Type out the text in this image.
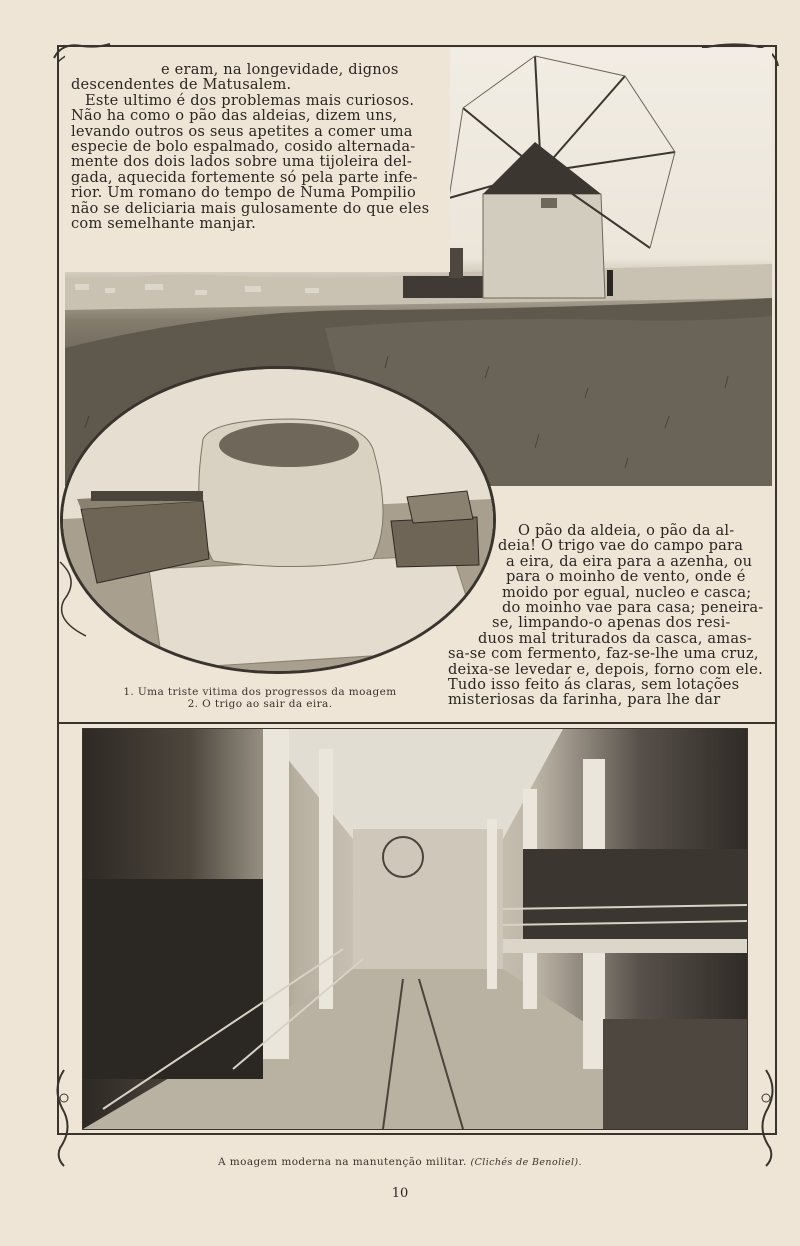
e eram, na longevidade, dignos
descendentes de Matusalem.
Este ultimo é dos problemas mais curiosos.
Não ha como o pão das aldeias, dizem uns,
levando outros os seus apetites a comer uma
especie de bolo espalmado, cosido alternada-
mente dos dois lados sobre uma tijoleira del-
gada, aquecida fortemente só pela parte infe-
rior. Um romano do tempo de Numa Pompilio
não se deliciaria mais gulosamente do que eles
com semelhante manjar.
O pão da aldeia, o pão da al-
deia! O trigo vae do campo para
a eira, da eira para a azenha, ou
para o moinho de vento, onde é
moido por egual, nucleo e casca;
do moinho vae para casa; peneira-
se, limpando-o apenas dos resi-
duos mal triturados da casca, amas-
sa-se com fermento, faz-se-lhe uma cruz,
deixa-se levedar e, depois, forno com ele.
Tudo isso feito ás claras, sem lotações
misteriosas da farinha, para lhe dar
1. Uma triste vitima dos progressos da moagem
2. O trigo ao sair da eira.
A moagem moderna na manutenção militar. (Clichés de Benoliel).
10
